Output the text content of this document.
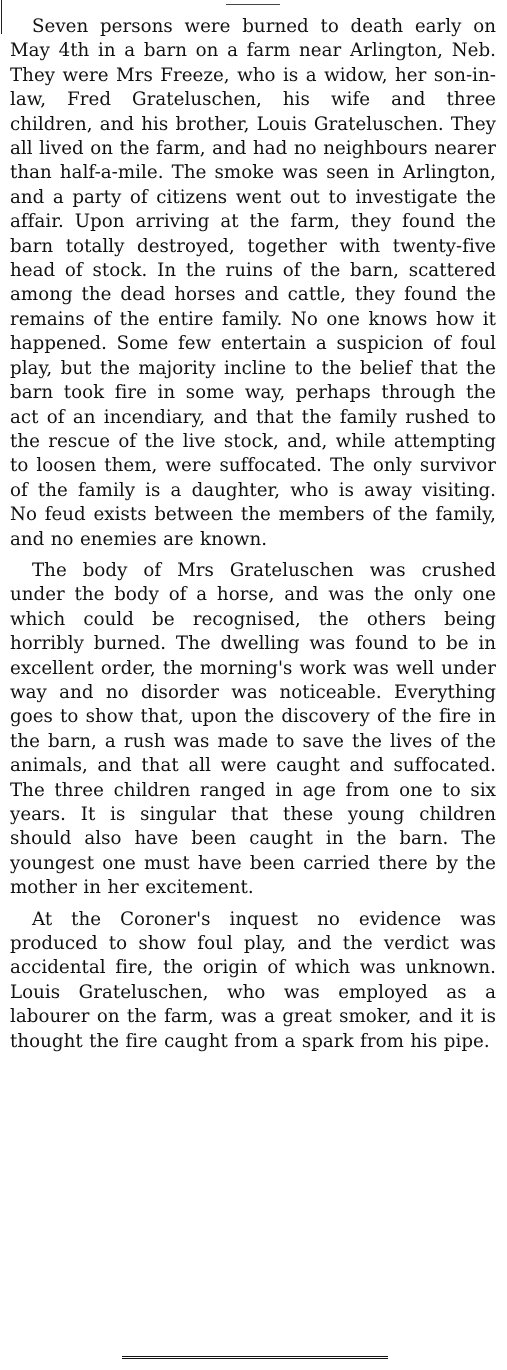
Seven persons were burned to death early on May 4th in a barn on a farm near Arlington, Neb. They were Mrs Freeze, who is a widow, her son-in-law, Fred Grateluschen, his wife and three children, and his brother, Louis Grateluschen. They all lived on the farm, and had no neighbours nearer than half-a-mile. The smoke was seen in Arlington, and a party of citizens went out to investigate the affair. Upon arriving at the farm, they found the barn totally destroyed, together with twenty-five head of stock. In the ruins of the barn, scattered among the dead horses and cattle, they found the remains of the entire family. No one knows how it happened. Some few entertain a suspicion of foul play, but the majority incline to the belief that the barn took fire in some way, perhaps through the act of an incendiary, and that the family rushed to the rescue of the live stock, and, while attempting to loosen them, were suffocated. The only survivor of the family is a daughter, who is away visiting. No feud exists between the members of the family, and no enemies are known.

The body of Mrs Grateluschen was crushed under the body of a horse, and was the only one which could be recognised, the others being horribly burned. The dwelling was found to be in excellent order, the morning's work was well under way and no disorder was noticeable. Everything goes to show that, upon the discovery of the fire in the barn, a rush was made to save the lives of the animals, and that all were caught and suffocated. The three children ranged in age from one to six years. It is singular that these young children should also have been caught in the barn. The youngest one must have been carried there by the mother in her excitement.

At the Coroner's inquest no evidence was produced to show foul play, and the verdict was accidental fire, the origin of which was unknown. Louis Grateluschen, who was employed as a labourer on the farm, was a great smoker, and it is thought the fire caught from a spark from his pipe.
